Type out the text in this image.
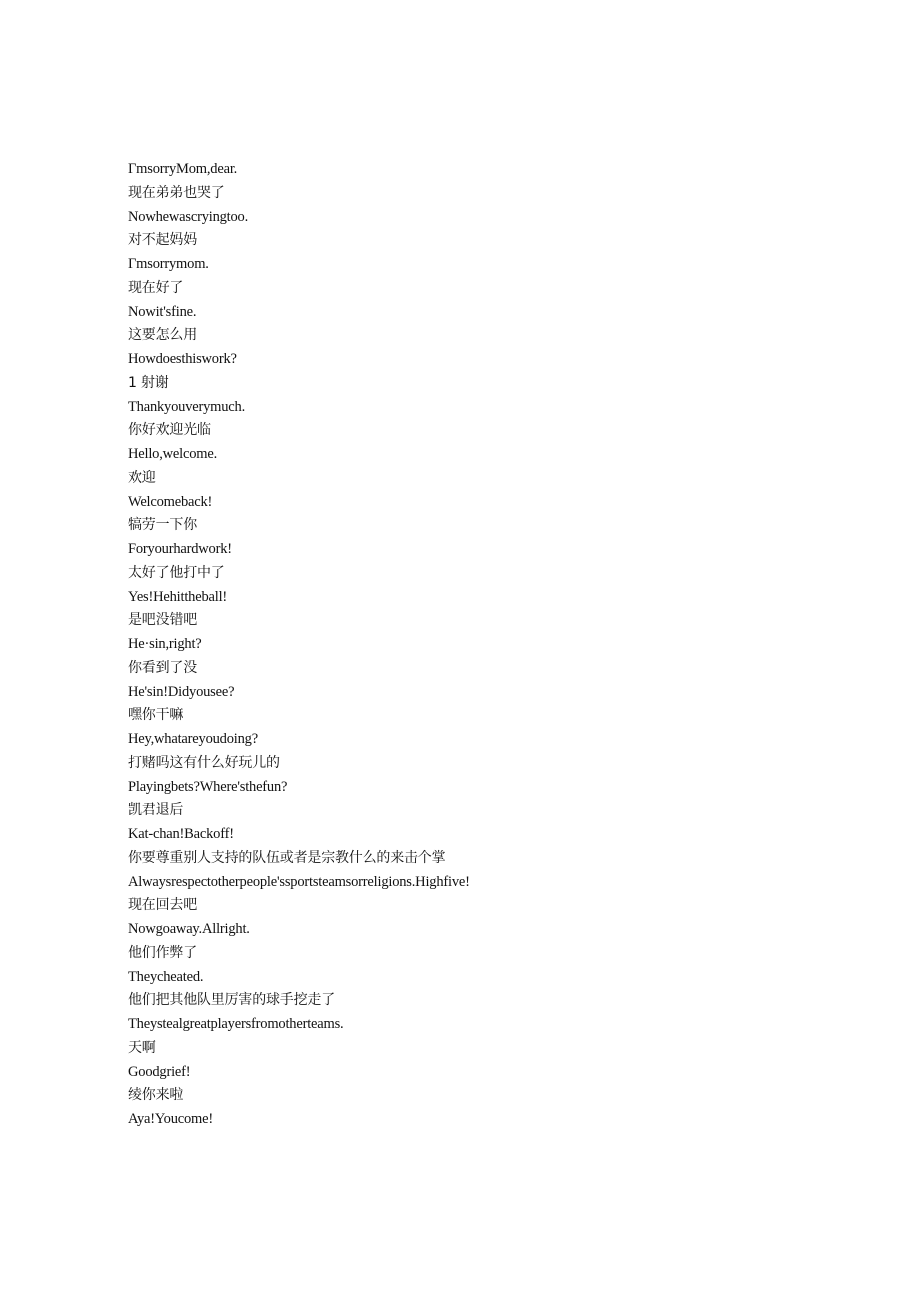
ΓmsorryMom,dear.
现在弟弟也哭了
Nowhewascryingtoo.
对不起妈妈
Γmsorrymom.
现在好了
Nowit'sfine.
这要怎么用
Howdoesthiswork?
1 射谢
Thankyouverymuch.
你好欢迎光临
Hello,welcome.
欢迎
Welcomeback!
犒劳一下你
Foryourhardwork!
太好了他打中了
Yes!Hehittheball!
是吧没错吧
He·sin,right?
你看到了没
He'sin!Didyousee?
嘿你干嘛
Hey,whatareyoudoing?
打赌吗这有什么好玩儿的
Playingbets?Where'sthefun?
凯君退后
Kat-chan!Backoff!
你要尊重别人支持的队伍或者是宗教什么的来击个掌
Alwaysrespectotherpeople'ssportsteamsorreligions.Highfive!
现在回去吧
Nowgoaway.Allright.
他们作弊了
Theycheated.
他们把其他队里厉害的球手挖走了
Theystealgreatplayersfromotherteams.
天啊
Goodgrief!
绫你来啦
Aya!Youcome!
